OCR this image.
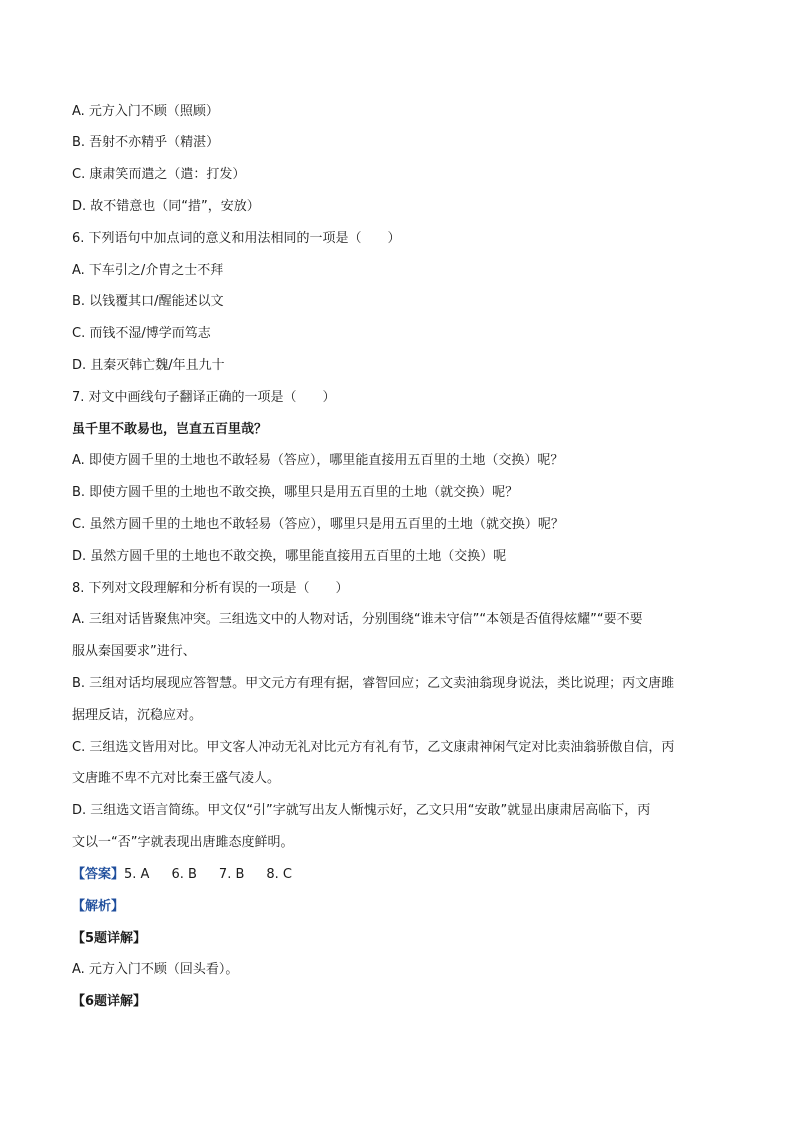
A. 元方入门不顾（照顾）
B. 吾射不亦精乎（精湛）
C. 康肃笑而遣之（遣：打发）
D. 故不错意也（同“措”，安放）
6. 下列语句中加点词的意义和用法相同的一项是（　　）
A. 下车引之/介胄之士不拜
B. 以钱覆其口/醒能述以文
C. 而钱不湿/博学而笃志
D. 且秦灭韩亡魏/年且九十
7. 对文中画线句子翻译正确的一项是（　　）
虽千里不敢易也，岂直五百里哉？
A. 即使方圆千里的土地也不敢轻易（答应），哪里能直接用五百里的土地（交换）呢？
B. 即使方圆千里的土地也不敢交换，哪里只是用五百里的土地（就交换）呢？
C. 虽然方圆千里的土地也不敢轻易（答应），哪里只是用五百里的土地（就交换）呢？
D. 虽然方圆千里的土地也不敢交换，哪里能直接用五百里的土地（交换）呢
8. 下列对文段理解和分析有误的一项是（　　）
A. 三组对话皆聚焦冲突。三组选文中的人物对话，分别围绕“谁未守信”“本领是否值得炫耀”“要不要
服从秦国要求”进行、
B. 三组对话均展现应答智慧。甲文元方有理有据，睿智回应；乙文卖油翁现身说法，类比说理；丙文唐雎
据理反诘，沉稳应对。
C. 三组选文皆用对比。甲文客人冲动无礼对比元方有礼有节，乙文康肃神闲气定对比卖油翁骄傲自信，丙
文唐雎不卑不亢对比秦王盛气凌人。
D. 三组选文语言简练。甲文仅“引”字就写出友人惭愧示好，乙文只用“安敢”就显出康肃居高临下，丙
文以一“否”字就表现出唐雎态度鲜明。
【答案】5. A 6. B 7. B 8. C
【解析】
【5题详解】
A. 元方入门不顾（回头看）。
【6题详解】
